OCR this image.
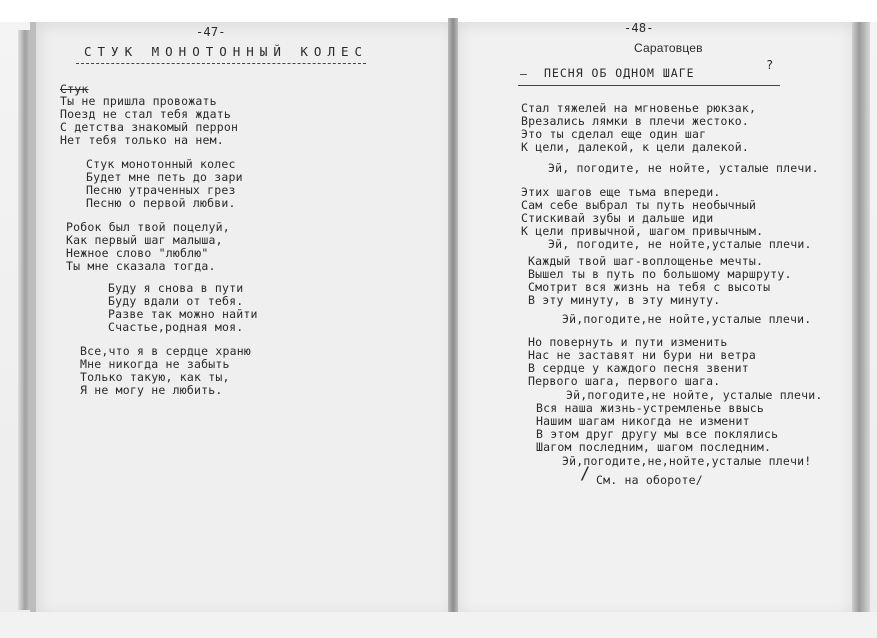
-47-
СТУК МОНОТОННЫЙ КОЛЕС
Стук
Ты не пришла провожать
Поезд не стал тебя ждать
С детства знакомый перрон
Нет тебя только на нем.
Стук монотонный колес
Будет мне петь до зари
Песню утраченных грез
Песню о первой любви.
Робок был твой поцелуй,
Как первый шаг малыша,
Нежное слово "люблю"
Ты мне сказала тогда.
Буду я снова в пути
Буду вдали от тебя.
Разве так можно найти
Счастье,родная моя.
Все,что я в сердце храню
Мне никогда не забыть
Только такую, как ты,
Я не могу не любить.
-48-
Саратовцев
?
ПЕСНЯ ОБ ОДНОМ ШАГЕ
–
Стал тяжелей на мгновенье рюкзак,
Врезались лямки в плечи жестоко.
Это ты сделал еще один шаг
К цели, далекой, к цели далекой.
Эй, погодите, не нойте, усталые плечи.
Этих шагов еще тьма впереди.
Сам себе выбрал ты путь необычный
Стискивай зубы и дальше иди
К цели привычной, шагом привычным.
Эй, погодите, не нойте,усталые плечи.
Каждый твой шаг-воплощенье мечты.
Вышел ты в путь по большому маршруту.
Смотрит вся жизнь на тебя с высоты
В эту минуту, в эту минуту.
Эй,погодите,не нойте,усталые плечи.
Но повернуть и пути изменить
Нас не заставят ни бури ни ветра
В сердце у каждого песня звенит
Первого шага, первого шага.
Эй,погодите,не нойте, усталые плечи.
Вся наша жизнь-устремленье ввысь
Нашим шагам никогда не изменит
В этом друг другу мы все поклялись
Шагом последним, шагом последним.
Эй,погодите,не,нойте,усталые плечи!
/ См. на обороте/
